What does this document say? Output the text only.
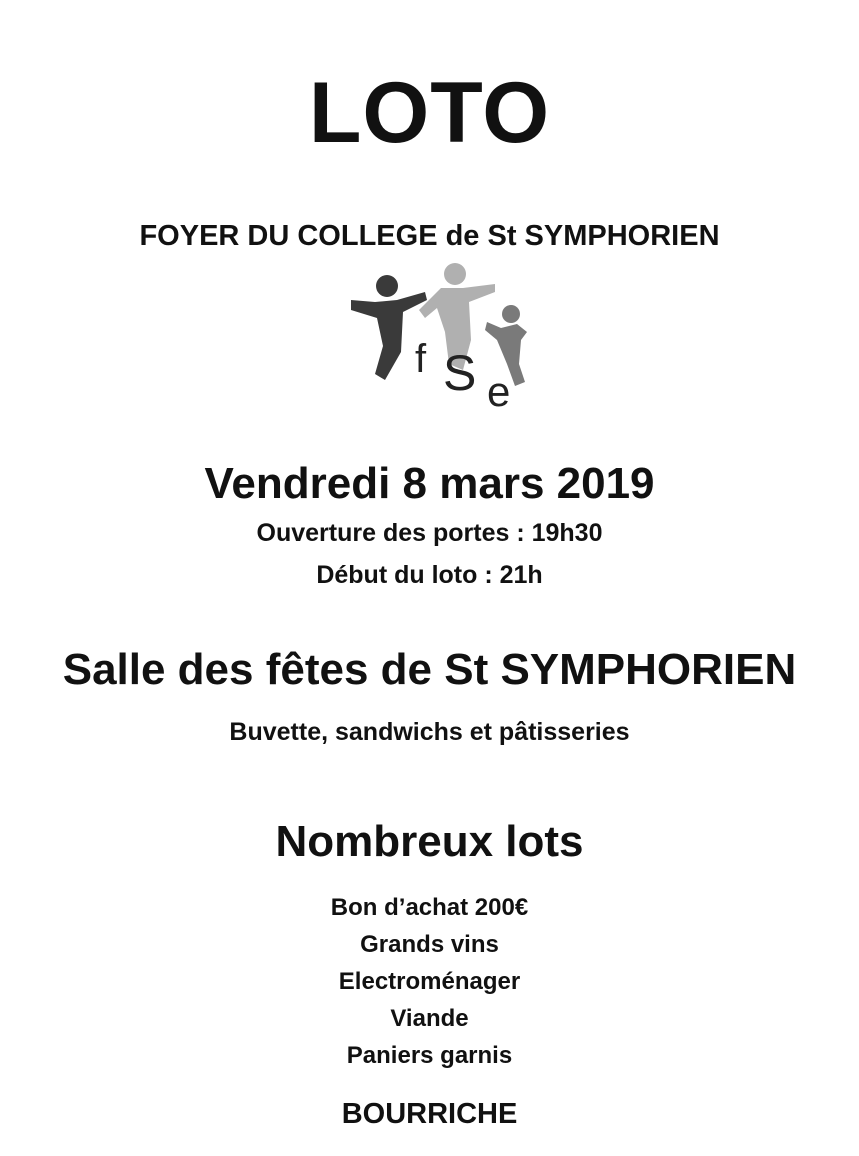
LOTO
FOYER DU COLLEGE de St SYMPHORIEN
f S e
Vendredi 8 mars 2019
Ouverture des portes : 19h30
Début du loto : 21h
Salle des fêtes de St SYMPHORIEN
Buvette, sandwichs et pâtisseries
Nombreux lots
Bon d’achat 200€
Grands vins
Electroménager
Viande
Paniers garnis
BOURRICHE
